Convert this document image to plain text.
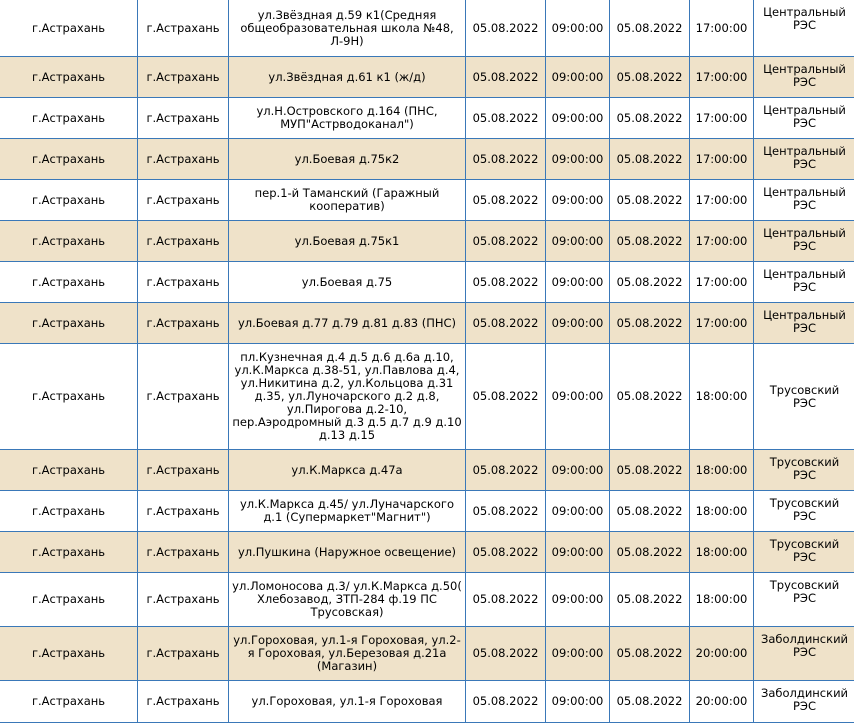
г.Астрахань	г.Астрахань	ул.Звёздная д.59 к1(Средняя общеобразовательная школа №48, Л-9Н)	05.08.2022	09:00:00	05.08.2022	17:00:00	Центральный РЭС

г.Астрахань	г.Астрахань	ул.Звёздная д.61 к1 (ж/д)	05.08.2022	09:00:00	05.08.2022	17:00:00	Центральный РЭС

г.Астрахань	г.Астрахань	ул.Н.Островского д.164 (ПНС, МУП"Астрводоканал")	05.08.2022	09:00:00	05.08.2022	17:00:00	Центральный РЭС

г.Астрахань	г.Астрахань	ул.Боевая д.75к2	05.08.2022	09:00:00	05.08.2022	17:00:00	Центральный РЭС

г.Астрахань	г.Астрахань	пер.1-й Таманский (Гаражный кооператив)	05.08.2022	09:00:00	05.08.2022	17:00:00	Центральный РЭС

г.Астрахань	г.Астрахань	ул.Боевая д.75к1	05.08.2022	09:00:00	05.08.2022	17:00:00	Центральный РЭС

г.Астрахань	г.Астрахань	ул.Боевая д.75	05.08.2022	09:00:00	05.08.2022	17:00:00	Центральный РЭС

г.Астрахань	г.Астрахань	ул.Боевая д.77 д.79 д.81 д.83 (ПНС)	05.08.2022	09:00:00	05.08.2022	17:00:00	Центральный РЭС

г.Астрахань	г.Астрахань	пл.Кузнечная д.4 д.5 д.6 д.6а д.10, ул.К.Маркса д.38-51, ул.Павлова д.4, ул.Никитина д.2, ул.Кольцова д.31 д.35, ул.Луночарского д.2 д.8, ул.Пирогова д.2-10, пер.Аэродромный д.3 д.5 д.7 д.9 д.10 д.13 д.15	05.08.2022	09:00:00	05.08.2022	18:00:00	Трусовский РЭС

г.Астрахань	г.Астрахань	ул.К.Маркса д.47а	05.08.2022	09:00:00	05.08.2022	18:00:00	Трусовский РЭС

г.Астрахань	г.Астрахань	ул.К.Маркса д.45/ ул.Луначарского д.1 (Супермаркет"Магнит")	05.08.2022	09:00:00	05.08.2022	18:00:00	Трусовский РЭС

г.Астрахань	г.Астрахань	ул.Пушкина (Наружное освещение)	05.08.2022	09:00:00	05.08.2022	18:00:00	Трусовский РЭС

г.Астрахань	г.Астрахань	ул.Ломоносова д.3/ ул.К.Маркса д.50( Хлебозавод, ЗТП-284 ф.19 ПС Трусовская)	05.08.2022	09:00:00	05.08.2022	18:00:00	Трусовский РЭС

г.Астрахань	г.Астрахань	ул.Гороховая, ул.1-я Гороховая, ул.2-я Гороховая, ул.Березовая д.21а (Магазин)	05.08.2022	09:00:00	05.08.2022	20:00:00	Заболдинский РЭС

г.Астрахань	г.Астрахань	ул.Гороховая, ул.1-я Гороховая	05.08.2022	09:00:00	05.08.2022	20:00:00	Заболдинский РЭС
